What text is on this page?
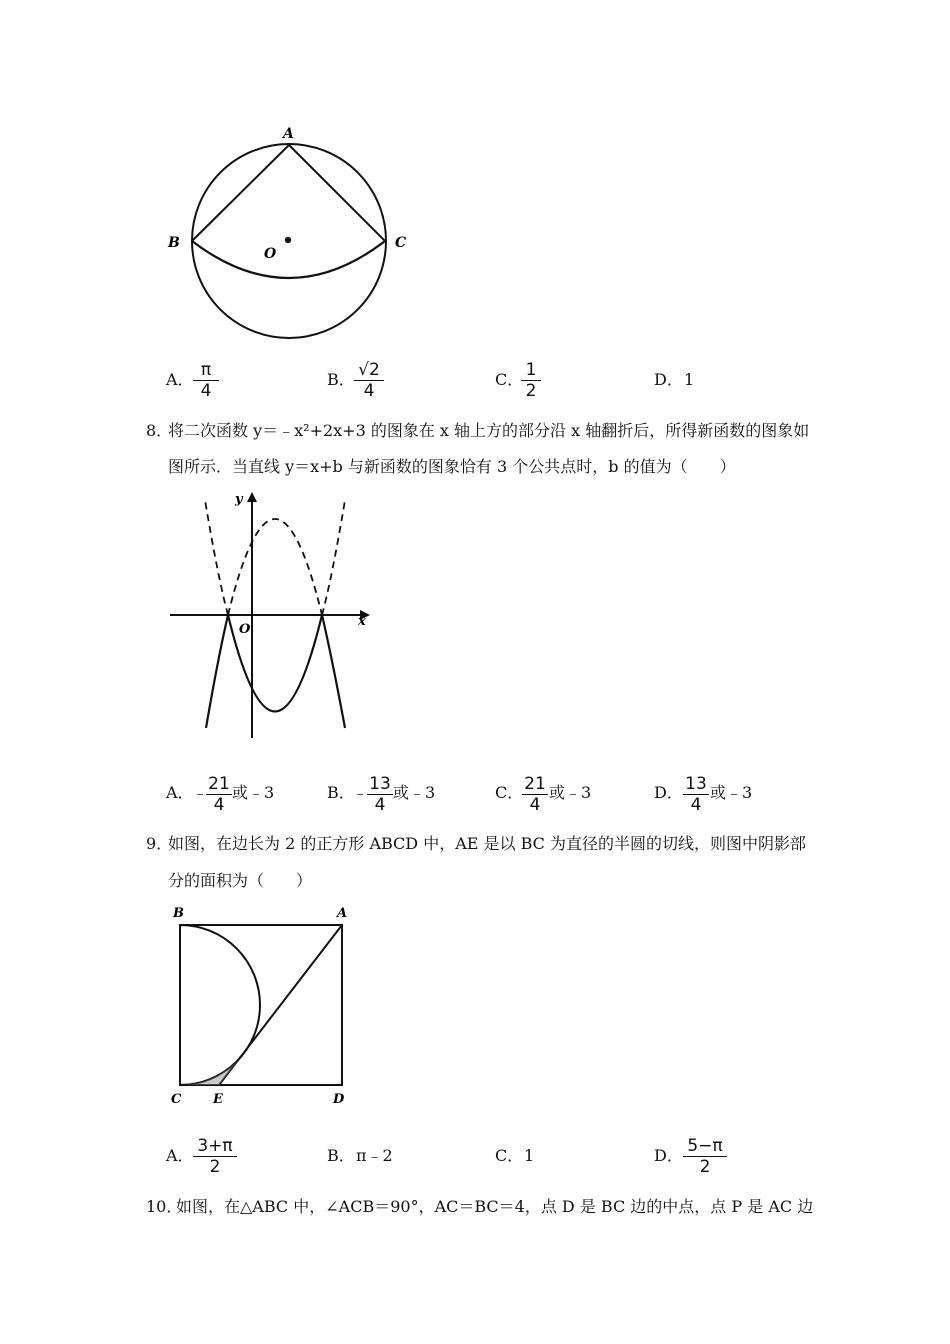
A
B	C
O
A． π
4
B． √2
4
C． 1
2
D． 1
8．
将二次函数 y＝﹣x²+2x+3 的图象在 x 轴上方的部分沿 x 轴翻折后，所得新函数的图象如
图所示．当直线 y＝x+b 与新函数的图象恰有 3 个公共点时，b 的值为（　　）
y
x
O
A．
﹣ 21
4
或﹣3	B．
﹣ 13
4
或﹣3	C． 21
4
或﹣3	D． 13
4
或﹣3
9．
如图，在边长为 2 的正方形 ABCD 中，AE 是以 BC 为直径的半圆的切线，则图中阴影部
分的面积为（　　）
B	A
C E	D
A． 3+π
2
B． π﹣2	C． 1	D． 5−π
2
10．
如图，在△ABC 中，∠ACB＝90°，AC＝BC＝4，点 D 是 BC 边的中点，点 P 是 AC 边
